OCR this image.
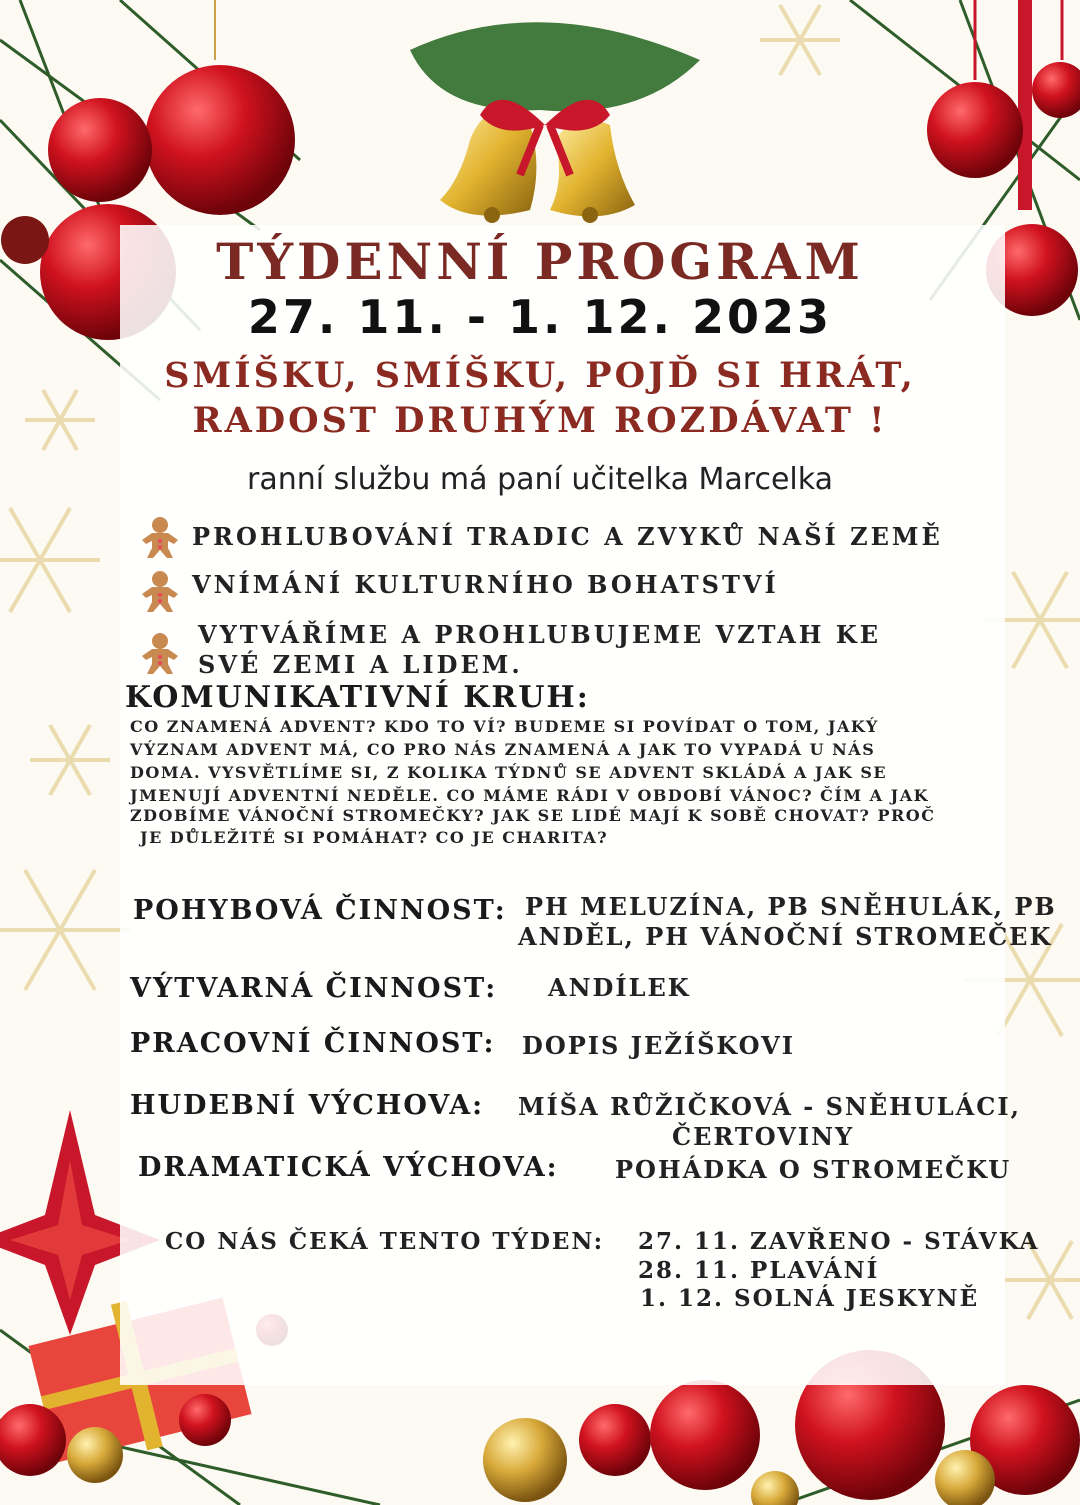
TÝDENNÍ PROGRAM
27. 11. - 1. 12. 2023
SMÍŠKU, SMÍŠKU, POJĎ SI HRÁT,
RADOST DRUHÝM ROZDÁVAT !
ranní službu má paní učitelka Marcelka
PROHLUBOVÁNÍ TRADIC A ZVYKŮ NAŠÍ ZEMĚ
VNÍMÁNÍ KULTURNÍHO BOHATSTVÍ
VYTVÁŘÍME A PROHLUBUJEME VZTAH KE
SVÉ ZEMI A LIDEM.
KOMUNIKATIVNÍ KRUH:
CO ZNAMENÁ ADVENT? KDO TO VÍ? BUDEME SI POVÍDAT O TOM, JAKÝ
VÝZNAM ADVENT MÁ, CO PRO NÁS ZNAMENÁ A JAK TO VYPADÁ U NÁS
DOMA. VYSVĚTLÍME SI, Z KOLIKA TÝDNŮ SE ADVENT SKLÁDÁ A JAK SE
JMENUJÍ ADVENTNÍ NEDĚLE. CO MÁME RÁDI V OBDOBÍ VÁNOC? ČÍM A JAK
ZDOBÍME VÁNOČNÍ STROMEČKY? JAK SE LIDÉ MAJÍ K SOBĚ CHOVAT? PROČ
JE DŮLEŽITÉ SI POMÁHAT? CO JE CHARITA?
POHYBOVÁ ČINNOST: PH MELUZÍNA, PB SNĚHULÁK, PB
ANDĚL, PH VÁNOČNÍ STROMEČEK
VÝTVARNÁ ČINNOST: ANDÍLEK
PRACOVNÍ ČINNOST: DOPIS JEŽÍŠKOVI
HUDEBNÍ VÝCHOVA: MÍŠA RŮŽIČKOVÁ - SNĚHULÁCI,
ČERTOVINY
DRAMATICKÁ VÝCHOVA: POHÁDKA O STROMEČKU
CO NÁS ČEKÁ TENTO TÝDEN: 27. 11. ZAVŘENO - STÁVKA
28. 11. PLAVÁNÍ
1. 12. SOLNÁ JESKYNĚ
